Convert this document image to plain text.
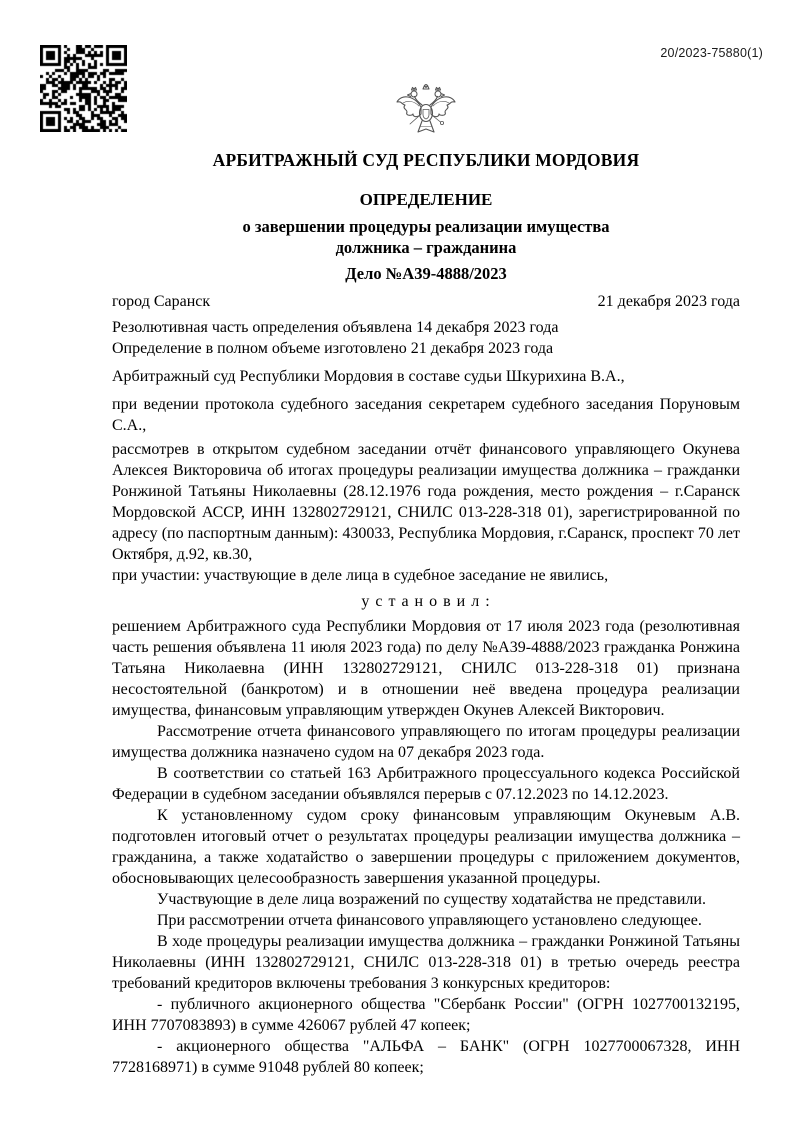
20/2023-75880(1)
АРБИТРАЖНЫЙ СУД РЕСПУБЛИКИ МОРДОВИЯ
ОПРЕДЕЛЕНИЕ
о завершении процедуры реализации имущества
должника – гражданина
Дело №А39-4888/2023
город Саранск	21 декабря 2023 года

Резолютивная часть определения объявлена 14 декабря 2023 года

Определение в полном объеме изготовлено 21 декабря 2023 года

Арбитражный суд Республики Мордовия в составе судьи Шкурихина В.А.,

при ведении протокола судебного заседания секретарем судебного заседания Поруновым С.А.,

рассмотрев в открытом судебном заседании отчёт финансового управляющего Окунева Алексея Викторовича об итогах процедуры реализации имущества должника – гражданки Ронжиной Татьяны Николаевны (28.12.1976 года рождения, место рождения – г.Саранск Мордовской АССР, ИНН 132802729121, СНИЛС 013-228-318 01), зарегистрированной по адресу (по паспортным данным): 430033, Республика Мордовия, г.Саранск, проспект 70 лет Октября, д.92, кв.30,

при участии: участвующие в деле лица в судебное заседание не явились,

у с т а н о в и л :

решением Арбитражного суда Республики Мордовия от 17 июля 2023 года (резолютивная часть решения объявлена 11 июля 2023 года) по делу №А39-4888/2023 гражданка Ронжина Татьяна Николаевна (ИНН 132802729121, СНИЛС 013-228-318 01) признана несостоятельной (банкротом) и в отношении неё введена процедура реализации имущества, финансовым управляющим утвержден Окунев Алексей Викторович.

Рассмотрение отчета финансового управляющего по итогам процедуры реализации имущества должника назначено судом на 07 декабря 2023 года.

В соответствии со статьей 163 Арбитражного процессуального кодекса Российской Федерации в судебном заседании объявлялся перерыв с 07.12.2023 по 14.12.2023.

К установленному судом сроку финансовым управляющим Окуневым А.В. подготовлен итоговый отчет о результатах процедуры реализации имущества должника – гражданина, а также ходатайство о завершении процедуры с приложением документов, обосновывающих целесообразность завершения указанной процедуры.

Участвующие в деле лица возражений по существу ходатайства не представили.

При рассмотрении отчета финансового управляющего установлено следующее.

В ходе процедуры реализации имущества должника – гражданки Ронжиной Татьяны Николаевны (ИНН 132802729121, СНИЛС 013-228-318 01) в третью очередь реестра требований кредиторов включены требования 3 конкурсных кредиторов:

- публичного акционерного общества "Сбербанк России" (ОГРН 1027700132195, ИНН 7707083893) в сумме 426067 рублей 47 копеек;

- акционерного общества "АЛЬФА – БАНК" (ОГРН 1027700067328, ИНН 7728168971) в сумме 91048 рублей 80 копеек;
